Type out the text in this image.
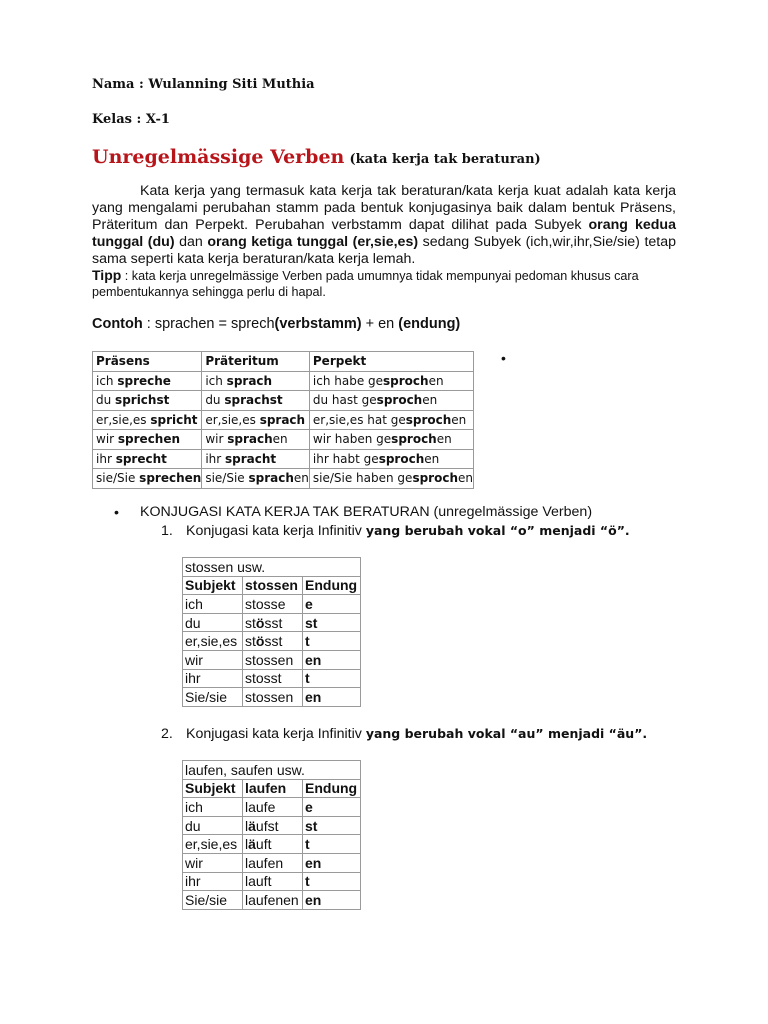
Nama : Wulanning Siti Muthia
Kelas : X-1
Unregelmässige Verben (kata kerja tak beraturan)

Kata kerja yang termasuk kata kerja tak beraturan/kata kerja kuat adalah kata kerja yang mengalami perubahan stamm pada bentuk konjugasinya baik dalam bentuk Präsens, Präteritum dan Perpekt. Perubahan verbstamm dapat dilihat pada Subyek orang kedua tunggal (du) dan orang ketiga tunggal (er,sie,es) sedang Subyek (ich,wir,ihr,Sie/sie) tetap sama seperti kata kerja beraturan/kata kerja lemah.

Tipp : kata kerja unregelmässige Verben pada umumnya tidak mempunyai pedoman khusus cara pembentukannya sehingga perlu di hapal.
Contoh : sprachen = sprech(verbstamm) + en (endung)
Präsens	Präteritum	Perpekt
ich spreche	ich sprach	ich habe gesprochen
du sprichst	du sprachst	du hast gesprochen
er,sie,es spricht	er,sie,es sprach	er,sie,es hat gesprochen
wir sprechen	wir sprachen	wir haben gesprochen
ihr sprecht	ihr spracht	ihr habt gesprochen
sie/Sie sprechen	sie/Sie sprachen	sie/Sie haben gesprochen
•
• KONJUGASI KATA KERJA TAK BERATURAN (unregelmässige Verben)
1. Konjugasi kata kerja Infinitiv yang berubah vokal “o” menjadi “ö”.
stossen usw.		
Subjekt	stossen	Endung
ich	stosse	e
du	stösst	st
er,sie,es	stösst	t
wir	stossen	en
ihr	stosst	t
Sie/sie	stossen	en
2. Konjugasi kata kerja Infinitiv yang berubah vokal “au” menjadi “äu”.
laufen, saufen usw.		
Subjekt	laufen	Endung
ich	laufe	e
du	läufst	st
er,sie,es	läuft	t
wir	laufen	en
ihr	lauft	t
Sie/sie	laufenen	en
